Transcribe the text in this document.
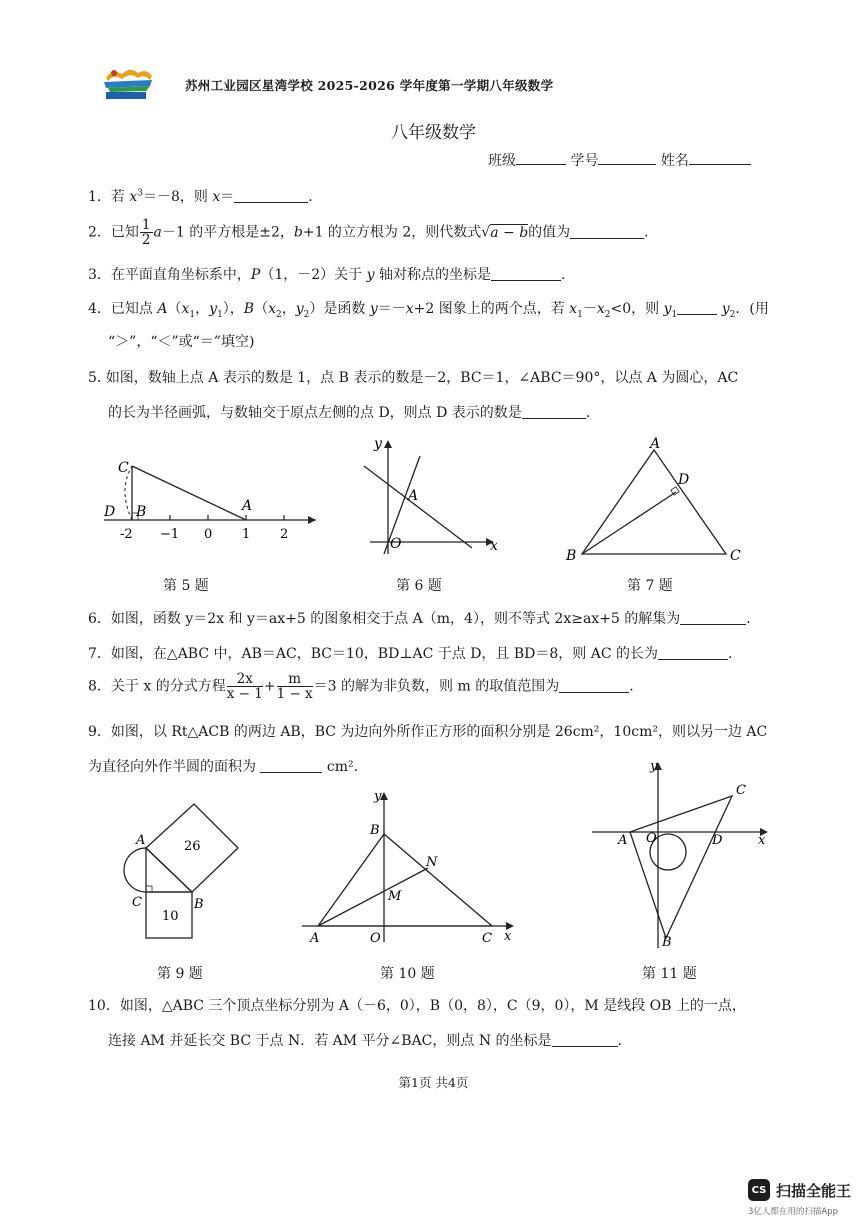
苏州工业园区星湾学校 2025-2026 学年度第一学期八年级数学
八年级数学
班级	学号	姓名
1．若 $x^3=-8$，则 x＝	.
2．已知 $\frac{1}{2} a-1$ 的平方根是±2，b+1 的立方根为 2，则代数式√a − b的值为	.
3．在平面直角坐标系中，P（1，－2）关于 y 轴对称点的坐标是	.
4．已知点 $A(x_1$，$y_1$），$B(x_2$，$y_2$）是函数 y＝－x+2 图象上的两个点，若 $x_1-x_2<0$，则 $y_1$	$y_2$．(用
“＞”，“＜”或“＝”填空)
5. 如图，数轴上点 A 表示的数是 1，点 B 表示的数是－2，BC＝1，∠ABC＝90°，以点 A 为圆心，AC
的长为半径画弧，与数轴交于原点左侧的点 D，则点 D 表示的数是	.
C
D B	A
-2 −1 0 1 2
第 5 题
y
A
O	x
第 6 题
A
D
B	C
第 7 题
6．如图，函数 y＝2x 和 y＝ax+5 的图象相交于点 A（m，4），则不等式 2x≥ax+5 的解集为	.
7．如图，在△ABC 中，AB＝AC，BC＝10，BD⊥AC 于点 D，且 BD＝8，则 AC 的长为	.
8．关于 x 的分式方程 $\frac{2x}{x - 1} + \frac{m}{1 - x} =3$ 的解为非负数，则 m 的取值范围为	.
9．如图，以 Rt△ACB 的两边 AB，BC 为边向外所作正方形的面积分别是 26cm²，10cm²，则以另一边 AC
为直径向外作半圆的面积为	cm².
A
C	B
26
10
第 9 题
y
B
N
M
A	O	C x
第 10 题
y
C
A O	D	x
B
第 11 题
10．如图，△ABC 三个顶点坐标分别为 A（－6，0），B（0，8），C（9，0），M 是线段 OB 上的一点，
连接 AM 并延长交 BC 于点 N．若 AM 平分∠BAC，则点 N 的坐标是	.
第1页 共4页
CS 扫描全能王
3亿人都在用的扫描App
